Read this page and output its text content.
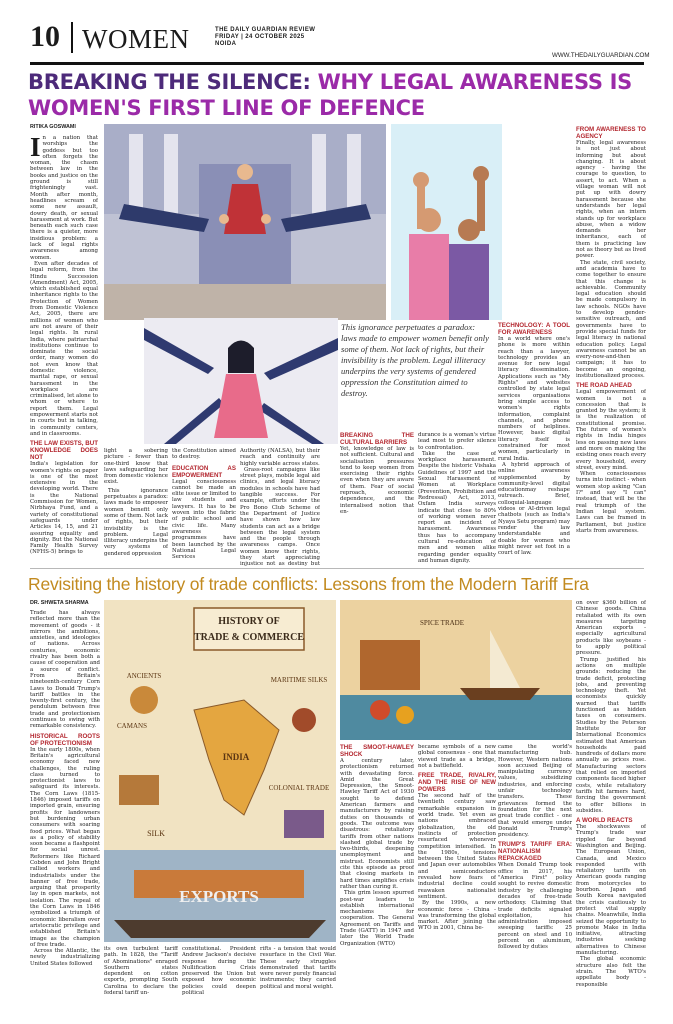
10 WOMEN	THE DAILY GUARDIAN REVIEW
FRIDAY | 24 OCTOBER 2025
NOIDA
WWW.THEDAILYGUARDIAN.COM
BREAKING THE SILENCE: WHY LEGAL AWARENESS IS
WOMEN'S FIRST LINE OF DEFENCE
RITIKA GOSWAMI
In a nation that worships the goddess but too often forgets the woman, the chasm between law in the books and justice on the ground is still frighteningly vast. Month after month, headlines scream of some new assault, dowry death, or sexual harassment at work. But beneath each such case there is a quieter, more insidious problem: a lack of legal rights awareness among women.

Even after decades of legal reform, from the Hindu Succession (Amendment) Act, 2005, which established equal inheritance rights to the Protection of Women from Domestic Violence Act, 2005, there are millions of women who are not aware of their legal rights. In rural India, where patriarchal institutions continue to dominate the social order, many women do not even know that domestic violence, marital rape, or sexual harassment in the workplace are criminalised, let alone to whom or where to report them. Legal empowerment starts not in courts but in talking, in community centers, and in classrooms.

THE LAW EXISTS, BUT KNOWLEDGE DOES NOT

India's legislation for women's rights on paper is one of the most extensive in the developing world. There is the National Commission for Women, Nirbhaya Fund, and a variety of constitutional safeguards under Articles 14, 15, and 21 assuring equality and dignity. But the National Family Health Survey (NFHS-5) brings to

light a sobering picture - fewer than one-third know that laws safeguarding her from domestic violence exist.

This ignorance perpetuates a paradox: laws made to empower women benefit only some of them. Not lack of rights, but their invisibility is the problem. Legal illiteracy underpins the very systems of gendered oppression

the Constitution aimed to destroy.

EDUCATION AS EMPOWERMENT

Legal consciousness cannot be made an elite issue or limited to law students and lawyers. It has to be woven into the fabric of public school and civic life. Many awareness programmes have been launched by the National Legal Services

This ignorance perpetuates a paradox: laws made to empower women benefit only some of them. Not lack of rights, but their invisibility is the problem. Legal illiteracy underpins the very systems of gendered oppression the Constitution aimed to destroy.

Authority (NALSA), but their reach and continuity are highly variable across states.

Grass-root campaigns like street plays, mobile legal aid clinics, and legal literacy modules in schools have had tangible success. For example, efforts under the Pro Bono Club Scheme of the Department of Justice have shown how law students can act as a bridge between the legal system and the people through awareness camps. Once women know their rights, they start appreciating injustice not as destiny but

BREAKING THE CULTURAL BARRIERS

Yet, knowledge of law is not sufficient. Cultural and socialisation pressures tend to keep women from exercising their rights even when they are aware of them. Fear of social reproach, economic dependence, and the internalised notion that en-

durance is a woman's virtue lead most to prefer silence to confrontation.

Take the case of workplace harassment. Despite the historic Vishaka Guidelines of 1997 and the Sexual Harassment of Women at Workplace (Prevention, Prohibition and Redressal) Act, 2013, Oxfam India surveys indicate that close to 80% of working women never report an incident of harassment. Awareness thus has to accompany cultural re-education of men and women alike regarding gender equality and human dignity.

TECHNOLOGY: A TOOL FOR AWARENESS

In a world where one's phone is more within reach than a lawyer, technology provides an avenue for new legal literacy dissemination. Applications such as "My Rights" and websites controlled by state legal services organisations bring simple access to women's rights information, complaint channels, and phone numbers of helplines. However, basic digital literacy itself is constrained for most women, particularly in rural India.

A hybrid approach of online awareness supplemented by community-level digital educationmay reshape outreach. Brief, colloquial-language videos or AI-driven legal chatbots (such as India's Nyaya Setu program) may render the law understandable and doable for women who might never set foot in a court of law.

FROM AWARENESS TO AGENCY

Finally, legal awareness is not just about informing but about changing. It is about agency - having the courage to question, to assert, to act. When a village woman will not put up with dowry harassment because she understands her legal rights, when an intern stands up for workplace abuse, when a widow demands her inheritance, each of them is practicing law not as theory but as lived power.

The state, civil society, and academia have to come together to ensure that this change is achievable. Community legal education should be made compulsory in law schools. NGOs have to develop gender-sensitive outreach, and governments have to provide special funds for legal literacy in national education policy. Legal awareness cannot be an every-now-and-then campaign; it has to become an ongoing, institutionalized process.

THE ROAD AHEAD

Legal empowerment of women is not a concession that is granted by the system; it is the realization of constitutional promise. The future of women's rights in India hinges less on passing new laws and more on making the existing ones reach every every household, every street, every mind.

When consciousness turns into instinct - when women stop asking "Can I?" and say "I can" instead, that will be the real triumph of the Indian legal system. Laws can be framed in Parliament, but justice starts from awareness.

Revisiting the history of trade conflicts: Lessons from the Modern Tariff Era
DR. SHWETA SHARMA

Trade has always reflected more than the movement of goods - it mirrors the ambitions, anxieties, and ideologies of nations. Across centuries, economic rivalry has been both a cause of cooperation and a source of conflict. From Britain's nineteenth-century Corn Laws to Donald Trump's tariff battles in the twenty-first century, the pendulum between free trade and protectionism continues to swing with remarkable consistency.

HISTORICAL ROOTS OF PROTECTIONISM

In the early 1800s, when Britain's agricultural economy faced new challenges, the ruling class turned to protectionist laws to safeguard its interests. The Corn Laws (1815-1846) imposed tariffs on imported grain, ensuring profits for landowners but burdening urban consumers with soaring food prices. What began as a policy of stability soon became a flashpoint for social unrest. Reformers like Richard Cobden and John Bright rallied workers and industrialists under the banner of free trade, arguing that prosperity lay in open markets, not isolation. The repeal of the Corn Laws in 1846 symbolized a triumph of economic liberalism over aristocratic privilege and established Britain's image as the champion of free trade.

Across the Atlantic, the newly industrializing United States followed

HISTORY OF
TRADE & COMMERCE
INDIA
ANCIENTS
CAMANS
MARITIME SILKS
COLONIAL TRADE
SILK
EXPORTS

its own turbulent tariff path. In 1828, the "Tariff of Abominations" enraged Southern states dependent on cotton exports, prompting South Carolina to declare the federal tariff un-

constitutional. President Andrew Jackson's decisive response during the Nullification Crisis preserved the Union but exposed how economic policies could deepen political

rifts - a tension that would resurface in the Civil War. These early struggles demonstrated that tariffs were never purely financial instruments; they carried political and moral weight.

THE SMOOT-HAWLEY SHOCK

A century later, protectionism returned with devastating force. Amid the Great Depression, the Smoot-Hawley Tariff Act of 1930 sought to defend American farmers and manufacturers by raising duties on thousands of goods. The outcome was disastrous: retaliatory tariffs from other nations slashed global trade by two-thirds, deepening unemployment and mistrust. Economists still cite this episode as proof that closing markets in hard times amplifies crisis rather than curing it.

This grim lesson spurred post-war leaders to establish international mechanisms for cooperation. The General Agreement on Tariffs and Trade (GATT) in 1947 and later the World Trade Organization (WTO)

SPICE TRADE

became symbols of a new global consensus - one that viewed trade as a bridge, not a battlefield.

FREE TRADE, RIVALRY, AND THE RISE OF NEW POWERS

The second half of the twentieth century saw remarkable expansion in world trade. Yet even as nations embraced globalization, the old instincts of protection resurfaced whenever competition intensified. In the 1980s, tensions between the United States and Japan over automobiles and semiconductors revealed how fears of industrial decline could reawaken nationalist sentiment.

By the 1990s, a new economic force - China - was transforming the global market. After joining the WTO in 2001, China be-

came the world's manufacturing hub. However, Western nations soon accused Beijing of manipulating currency values, subsidizing industries, and enforcing unfair technology transfers. These grievances formed the foundation for the next great trade conflict - one that would emerge under Donald Trump's presidency.

TRUMP'S TARIFF ERA: NATIONALISM REPACKAGED

When Donald Trump took office in 2017, his "America First" policy sought to revive domestic industry by challenging decades of free-trade orthodoxy. Claiming that trade deficits signaled exploitation, his administration imposed sweeping tariffs: 25 percent on steel and 10 percent on aluminum, followed by duties

on over $360 billion of Chinese goods. China retaliated with its own measures targeting American exports - especially agricultural products like soybeans - to apply political pressure.

Trump justified his actions on multiple grounds: reducing the trade deficit, protecting jobs, and preventing technology theft. Yet economists quickly warned that tariffs functioned as hidden taxes on consumers. Studies by the Peterson Institute for International Economics estimated that American households paid hundreds of dollars more annually as prices rose. Manufacturing sectors that relied on imported components faced higher costs, while retaliatory tariffs hit farmers hard, forcing the government to offer billions in subsidies.

A WORLD REACTS

The shockwaves of Trump's trade war rippled far beyond Washington and Beijing. The European Union, Canada, and Mexico responded with retaliatory tariffs on American goods ranging from motorcycles to bourbon. Japan and South Korea navigated the crisis cautiously to protect vital supply chains. Meanwhile, India seized the opportunity to promote Make in India initiative, attracting industries seeking alternatives to Chinese manufacturing.

The global economic structure also felt the strain. The WTO's appellate body - responsible
